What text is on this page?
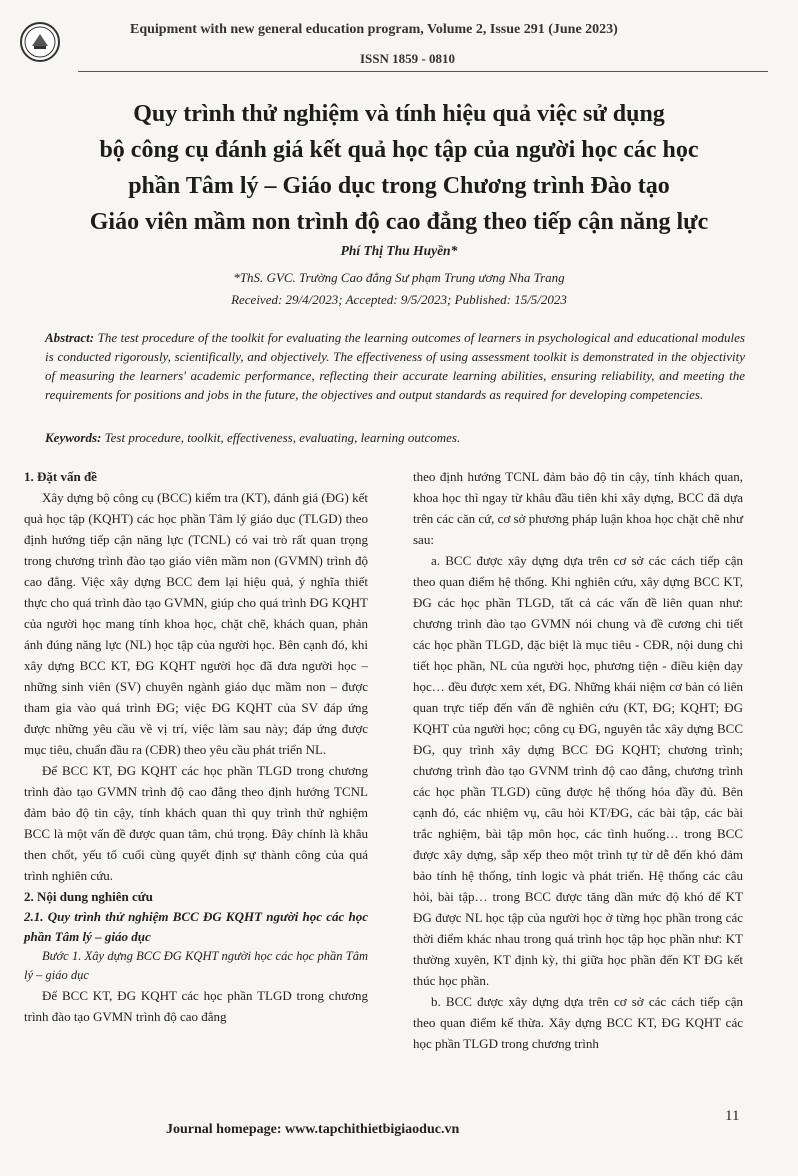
Equipment with new general education program, Volume 2, Issue 291 (June 2023)
ISSN 1859 - 0810
Quy trình thử nghiệm và tính hiệu quả việc sử dụng
bộ công cụ đánh giá kết quả học tập của người học các học
phần Tâm lý – Giáo dục trong Chương trình Đào tạo
Giáo viên mầm non trình độ cao đẳng theo tiếp cận năng lực
Phí Thị Thu Huyền*
*ThS. GVC. Trường Cao đẳng Sư phạm Trung ương Nha Trang
Received: 29/4/2023; Accepted: 9/5/2023; Published: 15/5/2023
Abstract: The test procedure of the toolkit for evaluating the learning outcomes of learners in psychological and educational modules is conducted rigorously, scientifically, and objectively. The effectiveness of using assessment toolkit is demonstrated in the objectivity of measuring the learners' academic performance, reflecting their accurate learning abilities, ensuring reliability, and meeting the requirements for positions and jobs in the future, the objectives and output standards as required for developing competencies.
Keywords: Test procedure, toolkit, effectiveness, evaluating, learning outcomes.
1. Đặt vấn đề

Xây dựng bộ công cụ (BCC) kiểm tra (KT), đánh giá (ĐG) kết quả học tập (KQHT) các học phần Tâm lý giáo dục (TLGD) theo định hướng tiếp cận năng lực (TCNL) có vai trò rất quan trọng trong chương trình đào tạo giáo viên mầm non (GVMN) trình độ cao đẳng. Việc xây dựng BCC đem lại hiệu quả, ý nghĩa thiết thực cho quá trình đào tạo GVMN, giúp cho quá trình ĐG KQHT của người học mang tính khoa học, chặt chẽ, khách quan, phản ánh đúng năng lực (NL) học tập của người học. Bên cạnh đó, khi xây dựng BCC KT, ĐG KQHT người học đã đưa người học – những sinh viên (SV) chuyên ngành giáo dục mầm non – được tham gia vào quá trình ĐG; việc ĐG KQHT của SV đáp ứng được những yêu cầu về vị trí, việc làm sau này; đáp ứng được mục tiêu, chuẩn đầu ra (CĐR) theo yêu cầu phát triển NL.

Để BCC KT, ĐG KQHT các học phần TLGD trong chương trình đào tạo GVMN trình độ cao đẳng theo định hướng TCNL đảm bảo độ tin cậy, tính khách quan thì quy trình thử nghiệm BCC là một vấn đề được quan tâm, chú trọng. Đây chính là khâu then chốt, yếu tố cuối cùng quyết định sự thành công của quá trình nghiên cứu.

2. Nội dung nghiên cứu
2.1. Quy trình thử nghiệm BCC ĐG KQHT người học các học phần Tâm lý – giáo dục

Bước 1. Xây dựng BCC ĐG KQHT người học các học phần Tâm lý – giáo dục

Để BCC KT, ĐG KQHT các học phần TLGD trong chương trình đào tạo GVMN trình độ cao đẳng

theo định hướng TCNL đảm bảo độ tin cậy, tính khách quan, khoa học thì ngay từ khâu đầu tiên khi xây dựng, BCC đã dựa trên các căn cứ, cơ sở phương pháp luận khoa học chặt chẽ như sau:

a. BCC được xây dựng dựa trên cơ sở các cách tiếp cận theo quan điểm hệ thống. Khi nghiên cứu, xây dựng BCC KT, ĐG các học phần TLGD, tất cả các vấn đề liên quan như: chương trình đào tạo GVMN nói chung và đề cương chi tiết các học phần TLGD, đặc biệt là mục tiêu - CĐR, nội dung chi tiết học phần, NL của người học, phương tiện - điều kiện dạy học… đều được xem xét, ĐG. Những khái niệm cơ bản có liên quan trực tiếp đến vấn đề nghiên cứu (KT, ĐG; KQHT; ĐG KQHT của người học; công cụ ĐG, nguyên tắc xây dựng BCC ĐG, quy trình xây dựng BCC ĐG KQHT; chương trình; chương trình đào tạo GVNM trình độ cao đẳng, chương trình các học phần TLGD) cũng được hệ thống hóa đầy đủ. Bên cạnh đó, các nhiệm vụ, câu hỏi KT/ĐG, các bài tập, các bài trắc nghiệm, bài tập môn học, các tình huống… trong BCC được xây dựng, sắp xếp theo một trình tự từ dễ đến khó đảm bảo tính hệ thống, tính logic và phát triển. Hệ thống các câu hỏi, bài tập… trong BCC được tăng dần mức độ khó để KT ĐG được NL học tập của người học ở từng học phần trong các thời điểm khác nhau trong quá trình học tập học phần như: KT thường xuyên, KT định kỳ, thi giữa học phần đến KT ĐG kết thúc học phần.

b. BCC được xây dựng dựa trên cơ sở các cách tiếp cận theo quan điểm kế thừa. Xây dựng BCC KT, ĐG KQHT các học phần TLGD trong chương trình

Journal homepage: www.tapchithietbigiaoduc.vn
11
